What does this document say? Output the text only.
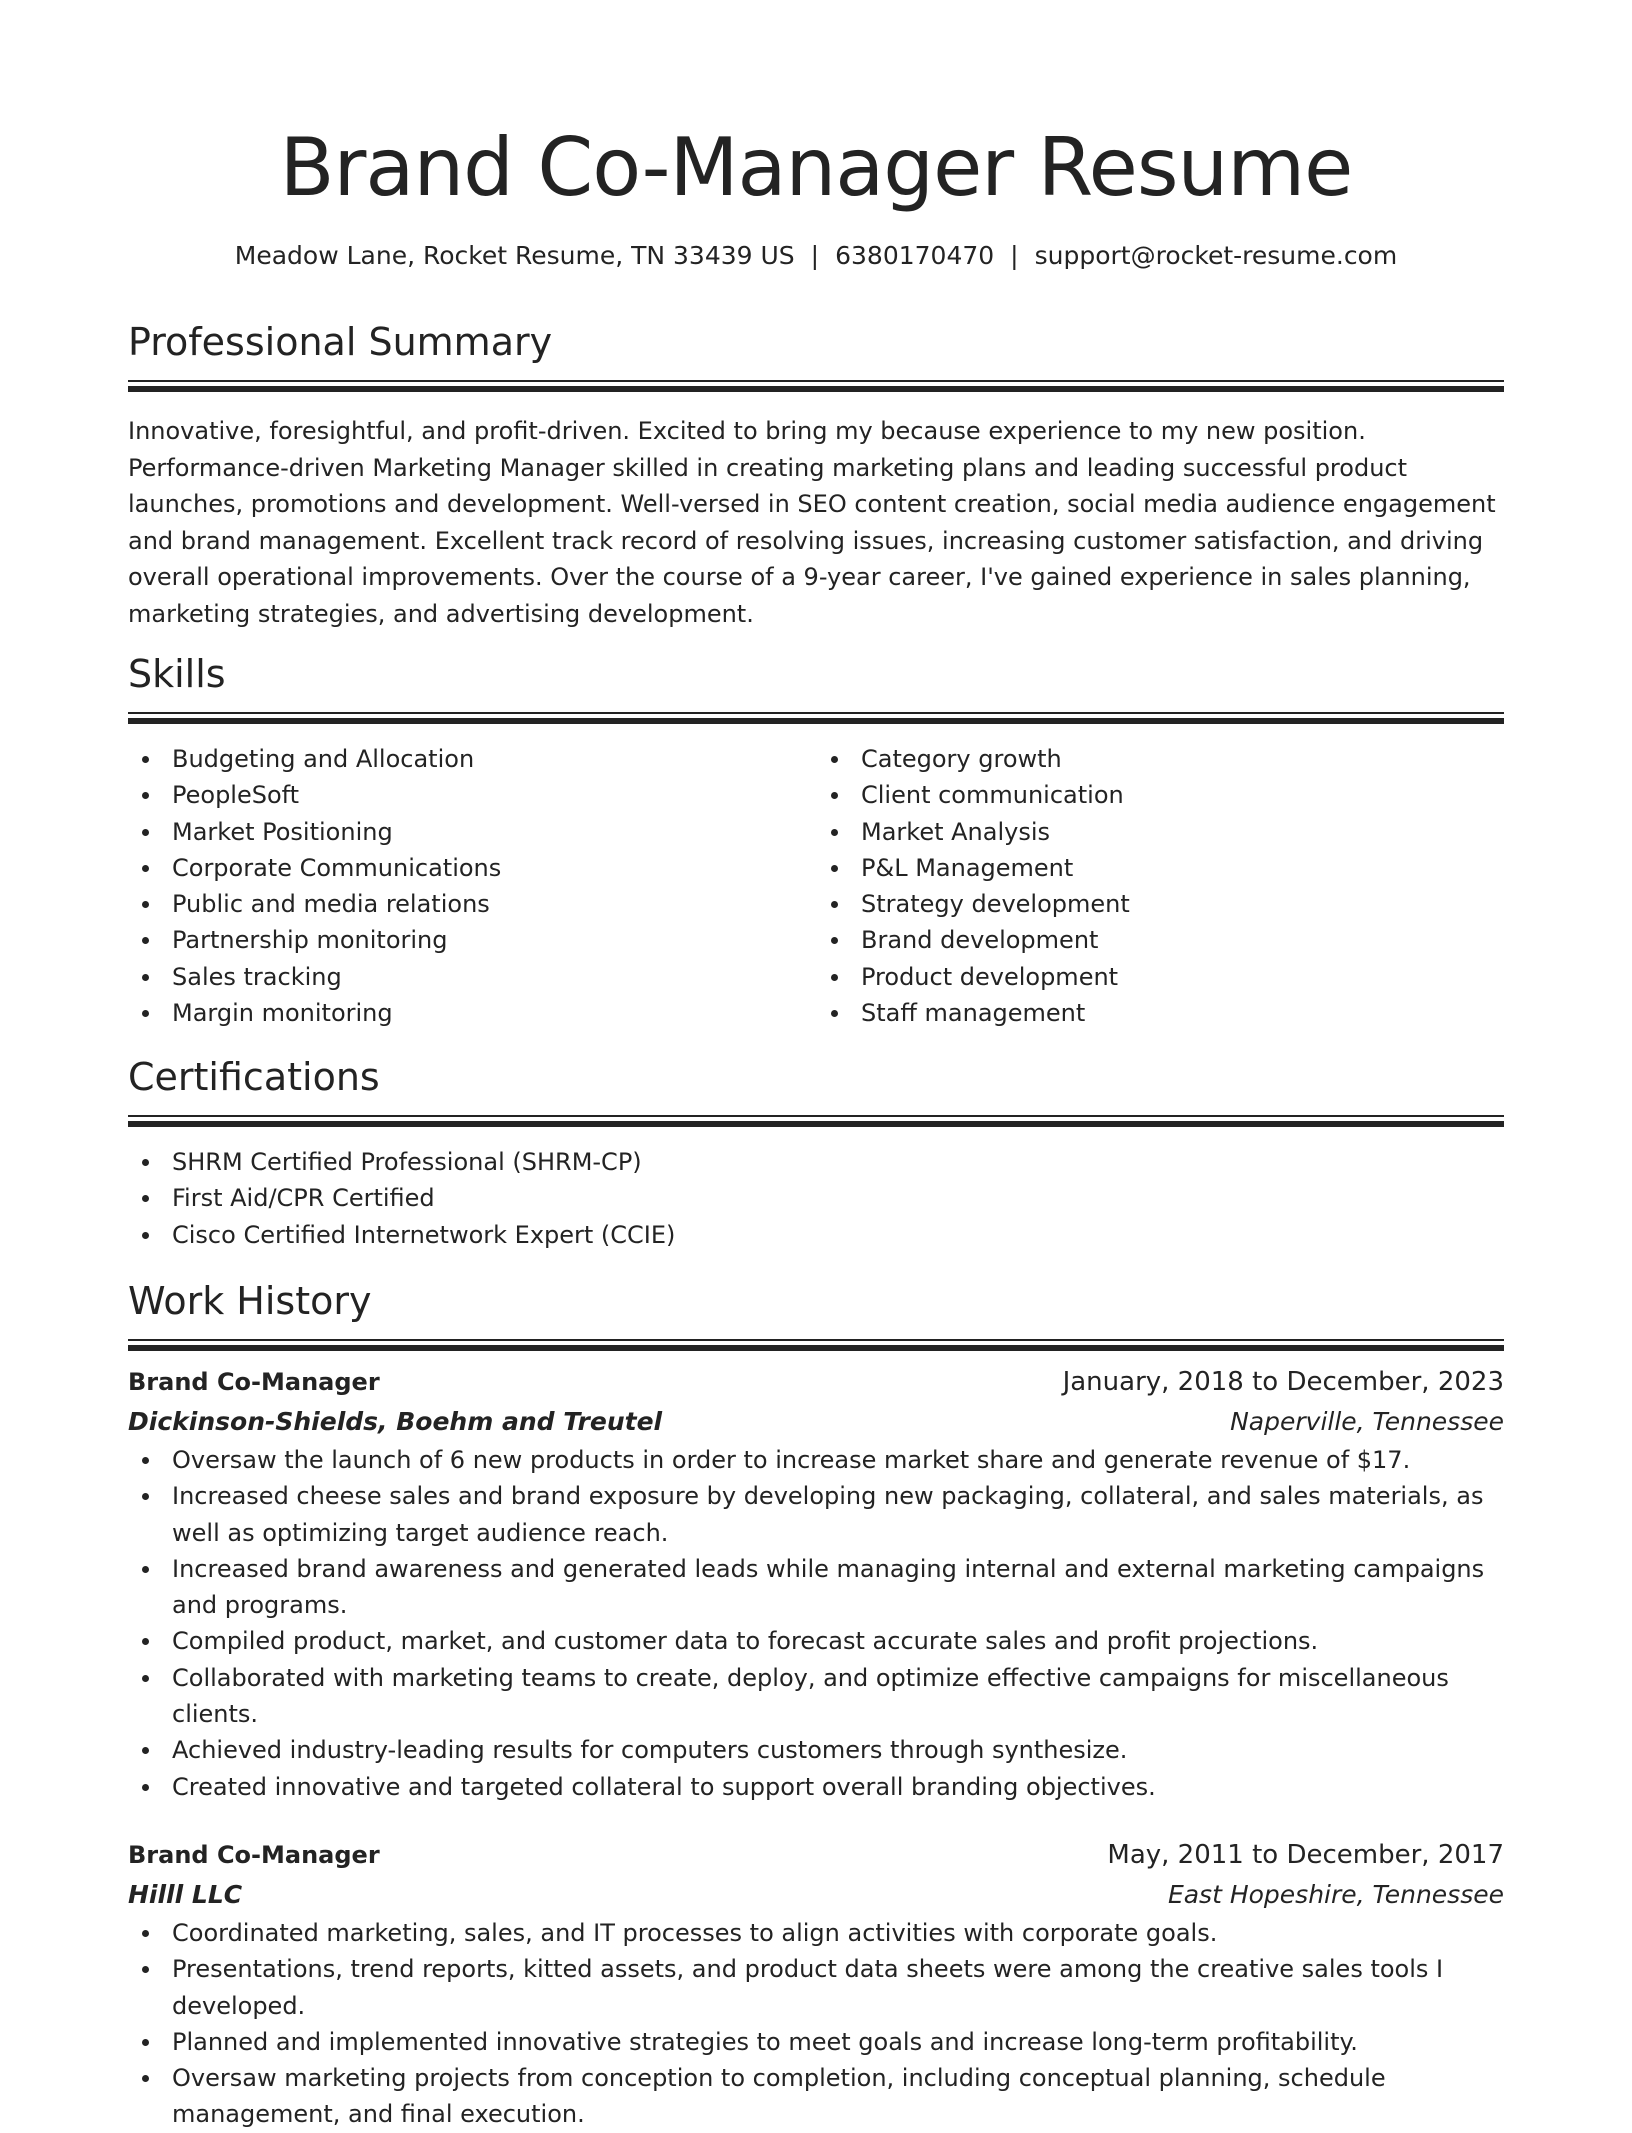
Brand Co-Manager Resume
Meadow Lane, Rocket Resume, TN 33439 US | 6380170470 | support@rocket-resume.com
Professional Summary

Innovative, foresightful, and profit-driven. Excited to bring my because experience to my new position. Performance-driven Marketing Manager skilled in creating marketing plans and leading successful product launches, promotions and development. Well-versed in SEO content creation, social media audience engagement and brand management. Excellent track record of resolving issues, increasing customer satisfaction, and driving overall operational improvements. Over the course of a 9-year career, I've gained experience in sales planning, marketing strategies, and advertising development.

Skills
Budgeting and Allocation
PeopleSoft
Market Positioning
Corporate Communications
Public and media relations
Partnership monitoring
Sales tracking
Margin monitoring
Category growth
Client communication
Market Analysis
P&L Management
Strategy development
Brand development
Product development
Staff management
Certifications
SHRM Certified Professional (SHRM-CP)
First Aid/CPR Certified
Cisco Certified Internetwork Expert (CCIE)
Work History
Brand Co-Manager	January, 2018 to December, 2023
Dickinson-Shields, Boehm and Treutel	Naperville, Tennessee
Oversaw the launch of 6 new products in order to increase market share and generate revenue of $17.
Increased cheese sales and brand exposure by developing new packaging, collateral, and sales materials, as well as optimizing target audience reach.
Increased brand awareness and generated leads while managing internal and external marketing campaigns and programs.
Compiled product, market, and customer data to forecast accurate sales and profit projections.
Collaborated with marketing teams to create, deploy, and optimize effective campaigns for miscellaneous clients.
Achieved industry-leading results for computers customers through synthesize.
Created innovative and targeted collateral to support overall branding objectives.
Brand Co-Manager	May, 2011 to December, 2017
Hilll LLC	East Hopeshire, Tennessee
Coordinated marketing, sales, and IT processes to align activities with corporate goals.
Presentations, trend reports, kitted assets, and product data sheets were among the creative sales tools I developed.
Planned and implemented innovative strategies to meet goals and increase long-term profitability.
Oversaw marketing projects from conception to completion, including conceptual planning, schedule management, and final execution.
